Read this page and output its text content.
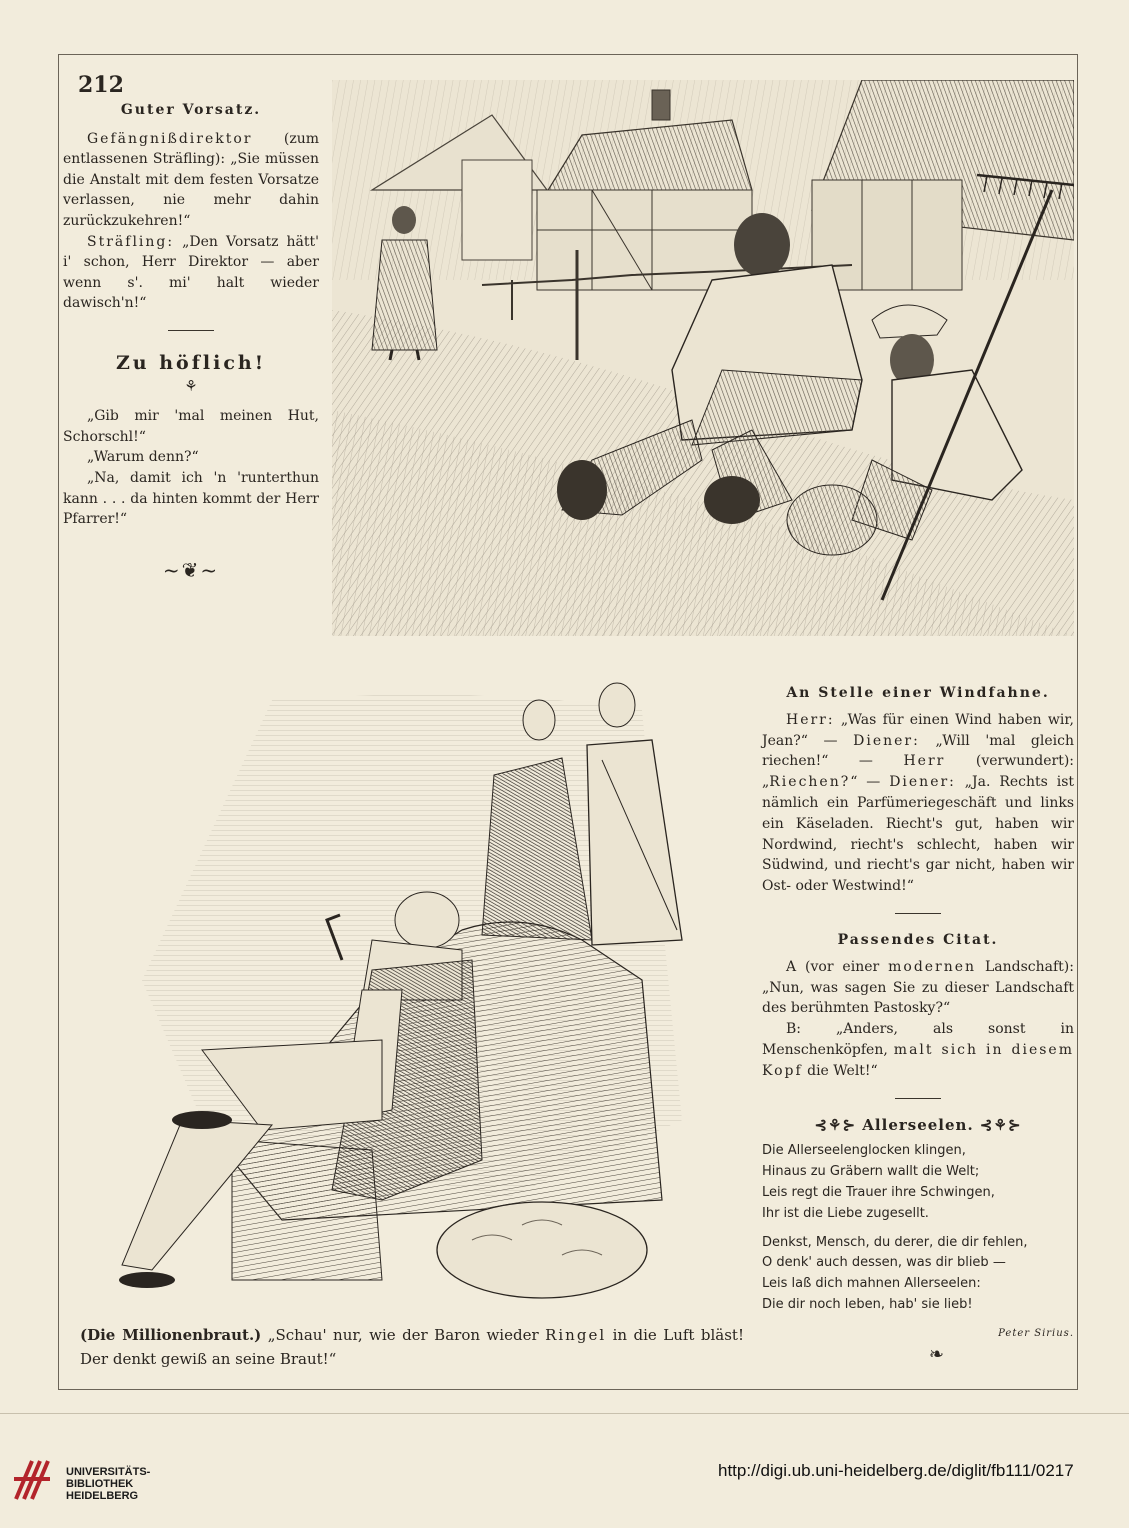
212

Guter Vorsatz.

Gefängnißdirektor (zum entlassenen Sträfling): „Sie müssen die Anstalt mit dem festen Vorsatze verlassen, nie mehr dahin zurückzukehren!“

Sträfling: „Den Vorsatz hätt' i' schon, Herr Direktor — aber wenn s'. mi' halt wieder dawisch'n!“

Zu höflich!

⚘

„Gib mir 'mal meinen Hut, Schorschl!“

„Warum denn?“

„Na, damit ich 'n 'runterthun kann . . . da hinten kommt der Herr Pfarrer!“

~❦~

An Stelle einer Windfahne.

Herr: „Was für einen Wind haben wir, Jean?“ — Diener: „Will 'mal gleich riechen!“ — Herr (verwundert): „Riechen?“ — Diener: „Ja. Rechts ist nämlich ein Parfümeriegeschäft und links ein Käseladen. Riecht's gut, haben wir Nordwind, riecht's schlecht, haben wir Südwind, und riecht's gar nicht, haben wir Ost- oder Westwind!“

Passendes Citat.

A (vor einer modernen Landschaft): „Nun, was sagen Sie zu dieser Landschaft des berühmten Pastosky?“

B: „Anders, als sonst in Menschenköpfen, malt sich in diesem Kopf die Welt!“

⊰⚘⊱ Allerseelen. ⊰⚘⊱
Die Allerseelenglocken klingen,
Hinaus zu Gräbern wallt die Welt;
Leis regt die Trauer ihre Schwingen,
Ihr ist die Liebe zugesellt.
Denkst, Mensch, du derer, die dir fehlen,
O denk' auch dessen, was dir blieb —
Leis laß dich mahnen Allerseelen:
Die dir noch leben, hab' sie lieb!
Peter Sirius.
❧
(Die Millionenbraut.) „Schau' nur, wie der Baron wieder Ringel in die Luft bläst! Der denkt gewiß an seine Braut!“
UNIVERSITÄTS-
BIBLIOTHEK
HEIDELBERG
http://digi.ub.uni-heidelberg.de/diglit/fb111/0217
